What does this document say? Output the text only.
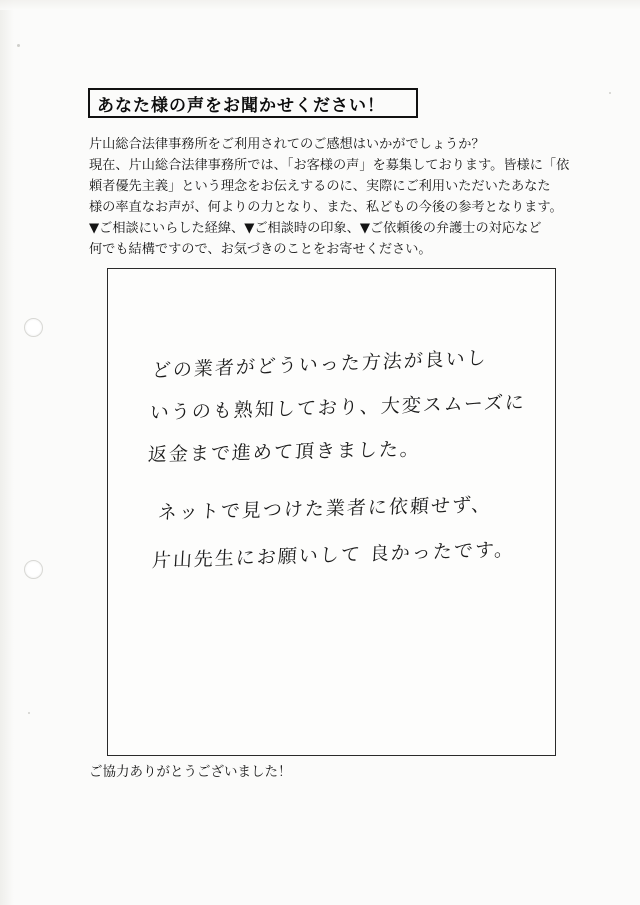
あなた様の声をお聞かせください！

片山総合法律事務所をご利用されてのご感想はいかがでしょうか？

現在、片山総合法律事務所では、「お客様の声」を募集しております。皆様に「依

頼者優先主義」という理念をお伝えするのに、実際にご利用いただいたあなた

様の率直なお声が、何よりの力となり、また、私どもの今後の参考となります。

▼ご相談にいらした経緯、▼ご相談時の印象、▼ご依頼後の弁護士の対応など

何でも結構ですので、お気づきのことをお寄せください。

どの業者がどういった方法が良いし
いうのも熟知しており、大変スムーズに
返金まで進めて頂きました。
ネットで見つけた業者に依頼せず、
片山先生にお願いして 良かったです。
ご協力ありがとうございました！
